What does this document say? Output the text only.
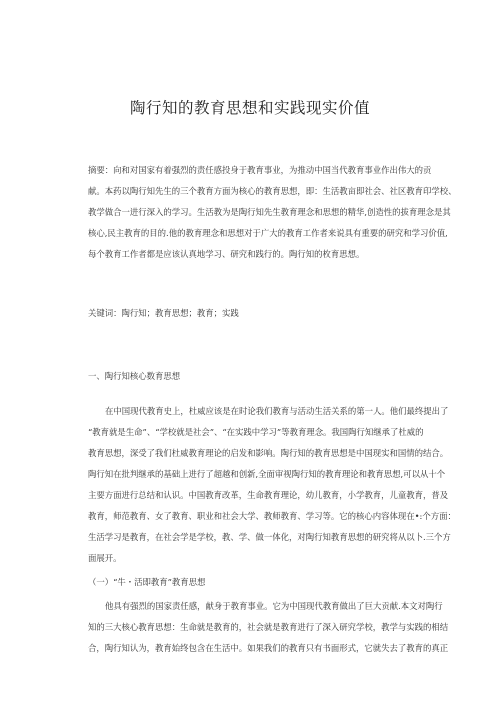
陶行知的教育思想和实践现实价值
摘要：向和对国家有着强烈的责任感投身于教育事业，为推动中国当代教育事业作出伟大的贡
献。本药以陶行知先生的三个教育方面为核心的教育思想，即：生活教亩即社会、社区教育印学校、
教学做合一进行深入的学习。生活教为是陶行知先生教育理念和思想的精华,创造性的拔育理念是其
核心,民主教育的目的.他的教育理念和思想对于广大的教育工作者来说具有重要的研究和学习价值,
每个教育工作者都是应该认真地学习、研究和践行的。陶行知的枚育思想。
关键词：陶行知；教育思想；教育；实践
一、陶行知核心数育思想
在中国现代教育史上，杜威应该是在时论我们教育与活动生活关系的第一人。他们最终提出了
“教育就是生命”、“学校就是社会”、“在实践中学习”等教育理念。我国陶行知继承了杜威的
教育思想，深受了我们杜威教育理论的启发和影响。陶行知的教育思想是中国现实和国情的结合。
陶行知在批判继承的基础上进行了超越和创新,全面审视陶行知的教育理论和教育思想,可以从十个
主要方面进行总结和认识。中国教育改革，生命教育理论，幼儿教育，小学教育，儿童教育，普及
教育，师范教育、女了教育、职业和社会大学、教师教育、学习等。它的核心内容体现在•:个方面：
生活学习是教育，在社会学是学校，教、学、做一体化，对陶行知教育思想的研究将从以卜.三个方
面展开。
（一）“牛・活即教育”教育思想
他具有强烈的国家责任感，献身于教育事业。它为中国现代教育做出了巨大贡献.本文对陶行
知的三大核心教育思想：生命就是教育的，社会就是教育进行了深入研究学校，教学与实践的相结
合，陶行知认为，教育始终包含在生活中。如果我们的教育只有书面形式，它就失去了教育的真正
